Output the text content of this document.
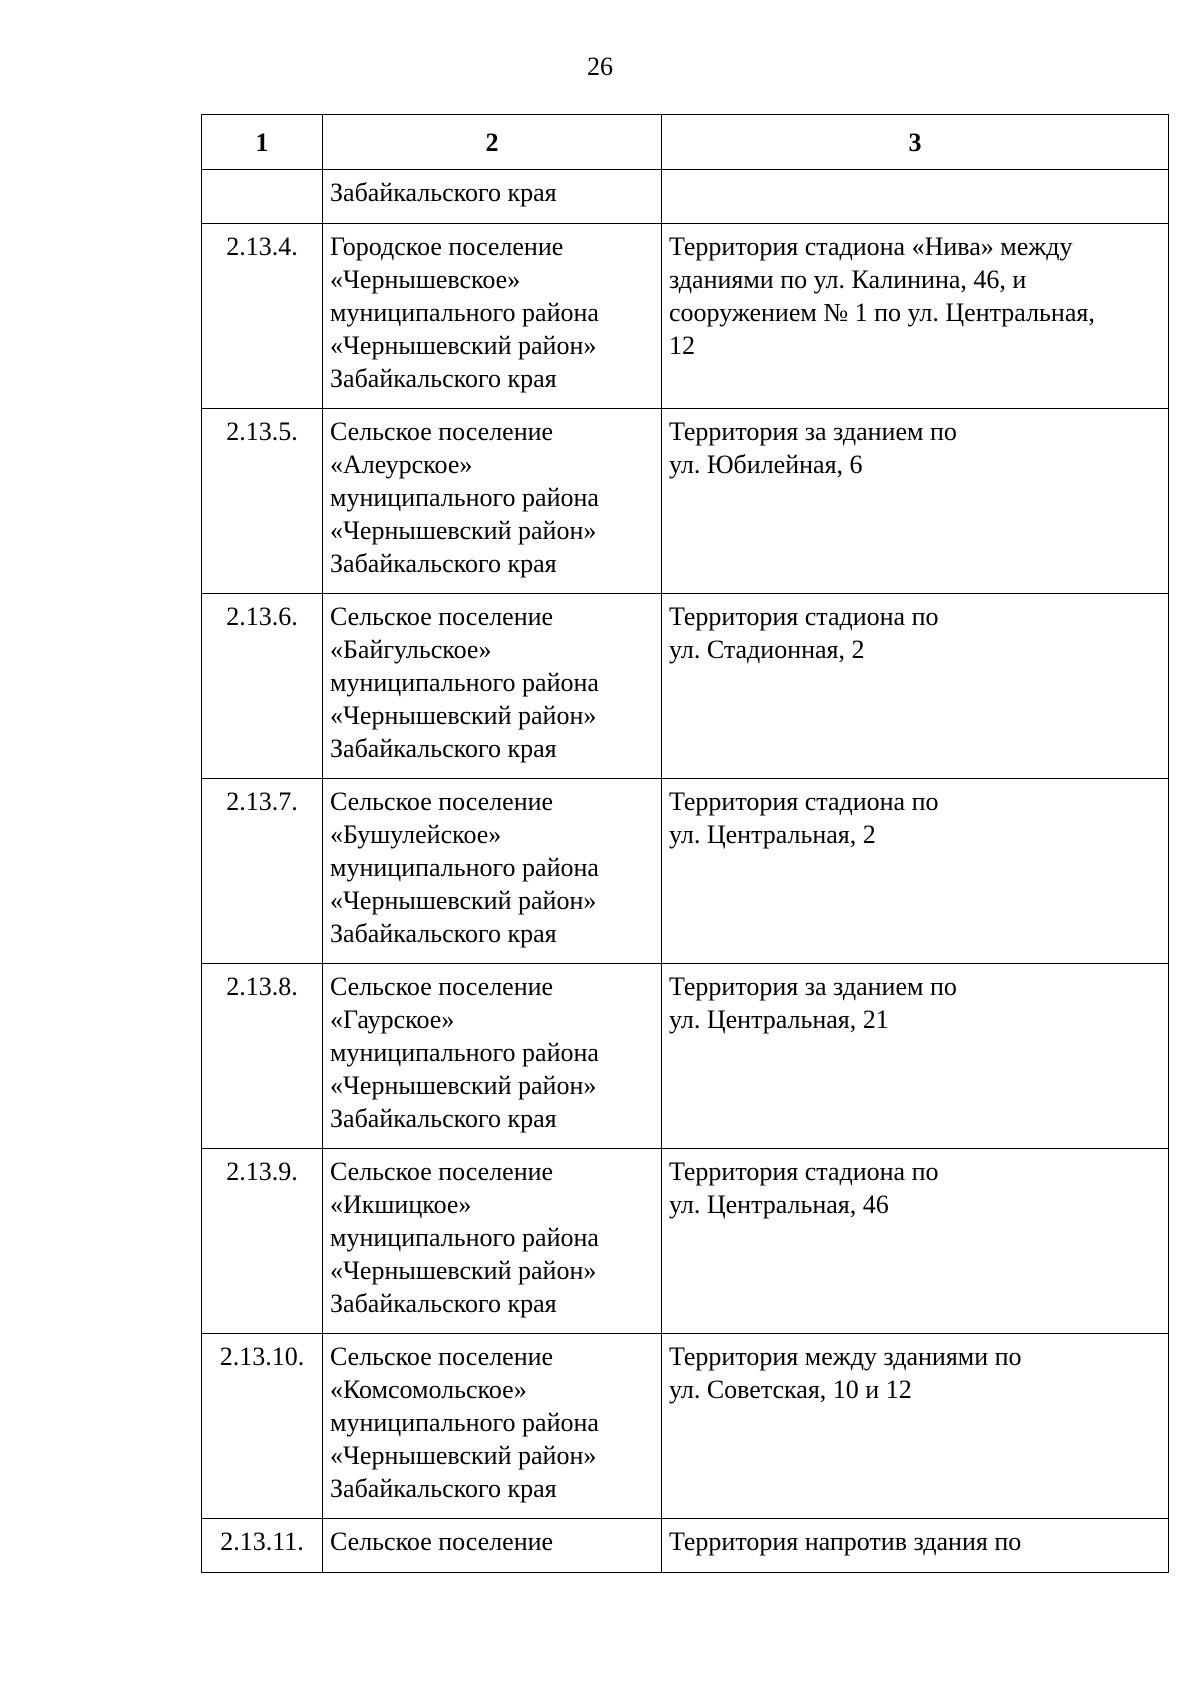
26
1	2	3

	Забайкальского края	

2.13.4.	Городское поселение
«Чернышевское»
муниципального района
«Чернышевский район»
Забайкальского края	Территория стадиона «Нива» между
зданиями по ул. Калинина, 46, и
сооружением № 1 по ул. Центральная,
12

2.13.5.	Сельское поселение
«Алеурское»
муниципального района
«Чернышевский район»
Забайкальского края	Территория за зданием по
ул. Юбилейная, 6

2.13.6.	Сельское поселение
«Байгульское»
муниципального района
«Чернышевский район»
Забайкальского края	Территория стадиона по
ул. Стадионная, 2

2.13.7.	Сельское поселение
«Бушулейское»
муниципального района
«Чернышевский район»
Забайкальского края	Территория стадиона по
ул. Центральная, 2

2.13.8.	Сельское поселение
«Гаурское»
муниципального района
«Чернышевский район»
Забайкальского края	Территория за зданием по
ул. Центральная, 21

2.13.9.	Сельское поселение
«Икшицкое»
муниципального района
«Чернышевский район»
Забайкальского края	Территория стадиона по
ул. Центральная, 46

2.13.10.	Сельское поселение
«Комсомольское»
муниципального района
«Чернышевский район»
Забайкальского края	Территория между зданиями по
ул. Советская, 10 и 12

2.13.11.	Сельское поселение	Территория напротив здания по
